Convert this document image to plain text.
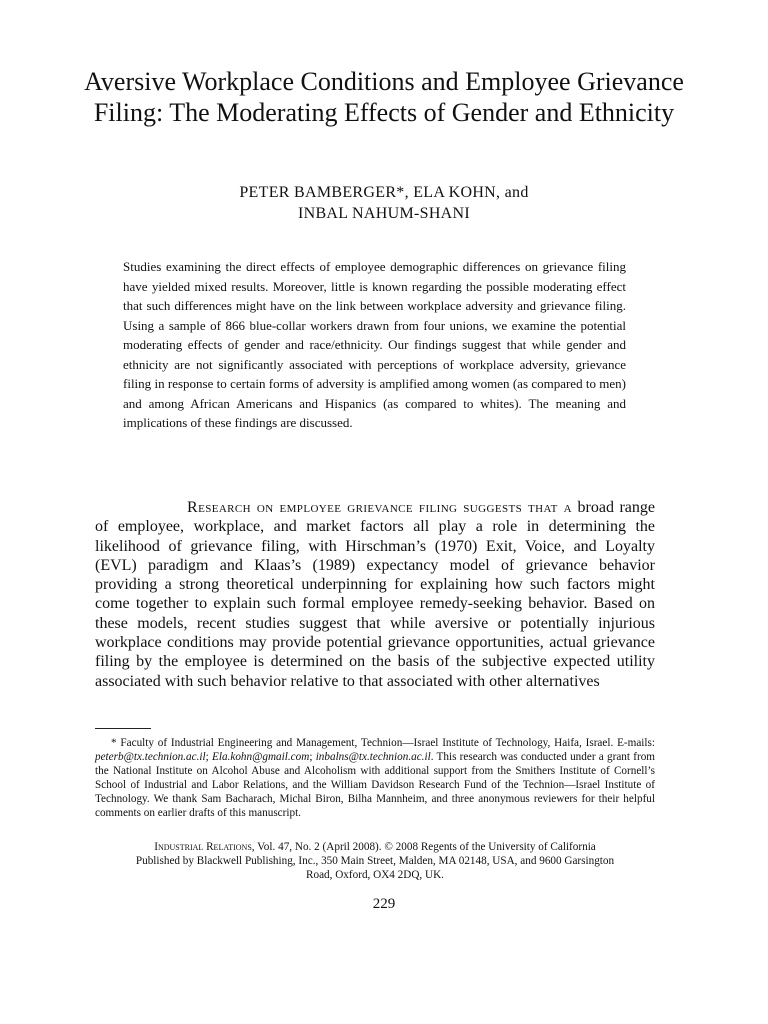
Aversive Workplace Conditions and Employee Grievance Filing: The Moderating Effects of Gender and Ethnicity
PETER BAMBERGER*, ELA KOHN, and
INBAL NAHUM-SHANI

Studies examining the direct effects of employee demographic differences on grievance filing have yielded mixed results. Moreover, little is known regarding the possible moderating effect that such differences might have on the link between workplace adversity and grievance filing. Using a sample of 866 blue-collar workers drawn from four unions, we examine the potential moderating effects of gender and race/ethnicity. Our findings suggest that while gender and ethnicity are not significantly associated with perceptions of workplace adversity, grievance filing in response to certain forms of adversity is amplified among women (as compared to men) and among African Americans and Hispanics (as compared to whites). The meaning and implications of these findings are discussed.

Research on employee grievance filing suggests that a broad range of employee, workplace, and market factors all play a role in determining the likelihood of grievance filing, with Hirschman’s (1970) Exit, Voice, and Loyalty (EVL) paradigm and Klaas’s (1989) expectancy model of grievance behavior providing a strong theoretical underpinning for explaining how such factors might come together to explain such formal employee remedy-seeking behavior. Based on these models, recent studies suggest that while aversive or potentially injurious workplace conditions may provide potential grievance opportunities, actual grievance filing by the employee is determined on the basis of the subjective expected utility associated with such behavior relative to that associated with other alternatives

* Faculty of Industrial Engineering and Management, Technion—Israel Institute of Technology, Haifa, Israel. E-mails: peterb@tx.technion.ac.il; Ela.kohn@gmail.com; inbalns@tx.technion.ac.il. This research was conducted under a grant from the National Institute on Alcohol Abuse and Alcoholism with additional support from the Smithers Institute of Cornell’s School of Industrial and Labor Relations, and the William Davidson Research Fund of the Technion—Israel Institute of Technology. We thank Sam Bacharach, Michal Biron, Bilha Mannheim, and three anonymous reviewers for their helpful comments on earlier drafts of this manuscript.

Industrial Relations, Vol. 47, No. 2 (April 2008). © 2008 Regents of the University of California
Published by Blackwell Publishing, Inc., 350 Main Street, Malden, MA 02148, USA, and 9600 Garsington
Road, Oxford, OX4 2DQ, UK.
229
